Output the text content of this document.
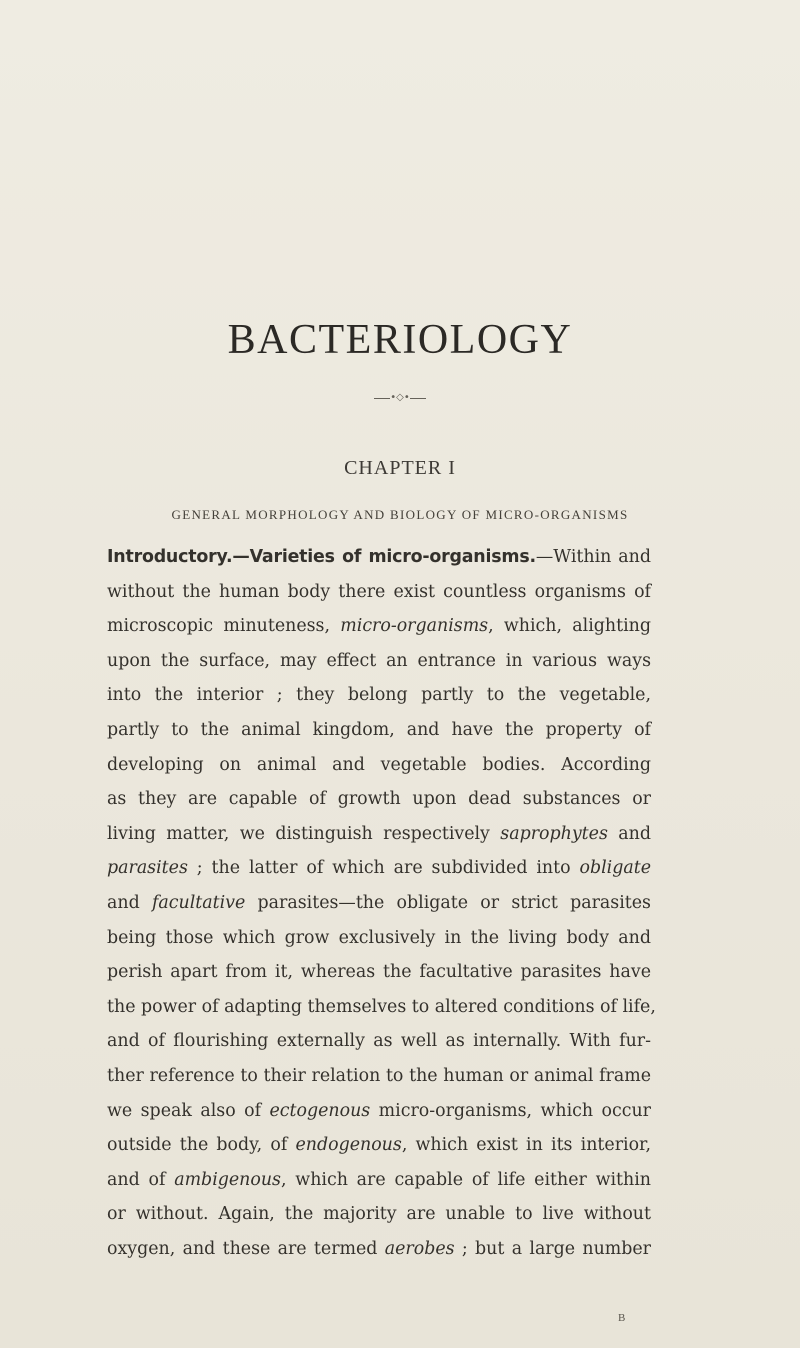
BACTERIOLOGY
•◇•
CHAPTER I
GENERAL MORPHOLOGY AND BIOLOGY OF MICRO-ORGANISMS
Introductory.—Varieties of micro-organisms.—Within and
without the human body there exist countless organisms of
microscopic minuteness, micro-organisms, which, alighting
upon the surface, may effect an entrance in various ways
into the interior ; they belong partly to the vegetable,
partly to the animal kingdom, and have the property of
developing on animal and vegetable bodies. According
as they are capable of growth upon dead substances or
living matter, we distinguish respectively saprophytes and
parasites ; the latter of which are subdivided into obligate
and facultative parasites—the obligate or strict parasites
being those which grow exclusively in the living body and
perish apart from it, whereas the facultative parasites have
the power of adapting themselves to altered conditions of life,
and of flourishing externally as well as internally. With fur-
ther reference to their relation to the human or animal frame
we speak also of ectogenous micro-organisms, which occur
outside the body, of endogenous, which exist in its interior,
and of ambigenous, which are capable of life either within
or without. Again, the majority are unable to live without
oxygen, and these are termed aerobes ; but a large number
B
